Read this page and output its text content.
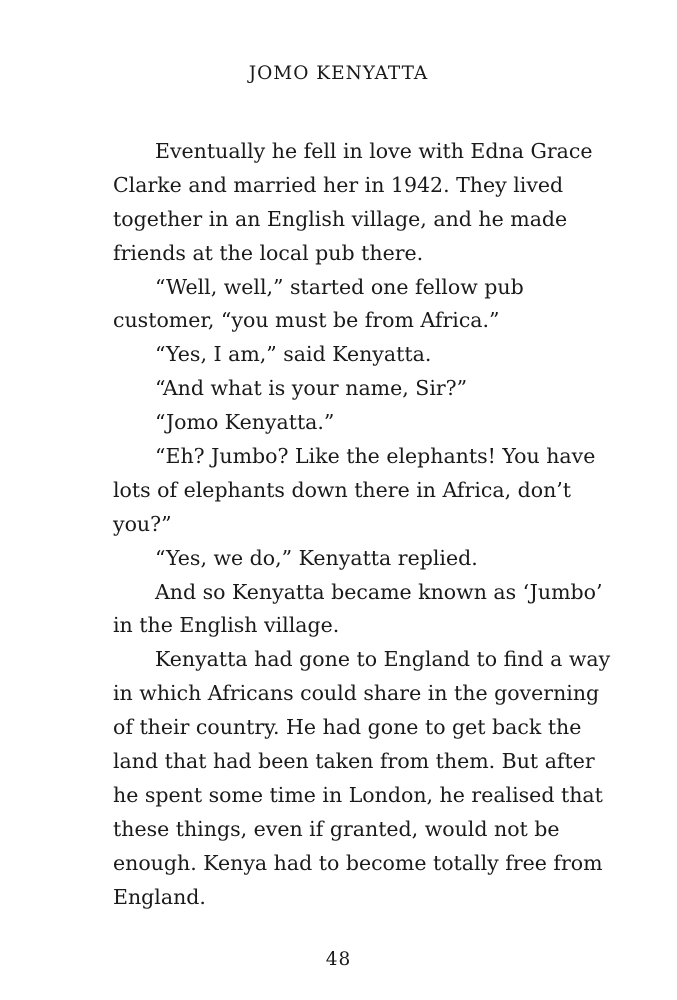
JOMO KENYATTA
Eventually he fell in love with Edna Grace
Clarke and married her in 1942. They lived
together in an English village, and he made
friends at the local pub there.
“Well, well,” started one fellow pub
customer, “you must be from Africa.”
“Yes, I am,” said Kenyatta.
“And what is your name, Sir?”
“Jomo Kenyatta.”
“Eh? Jumbo? Like the elephants! You have
lots of elephants down there in Africa, don’t
you?”
“Yes, we do,” Kenyatta replied.
And so Kenyatta became known as ‘Jumbo’
in the English village.
Kenyatta had gone to England to find a way
in which Africans could share in the governing
of their country. He had gone to get back the
land that had been taken from them. But after
he spent some time in London, he realised that
these things, even if granted, would not be
enough. Kenya had to become totally free from
England.
48
